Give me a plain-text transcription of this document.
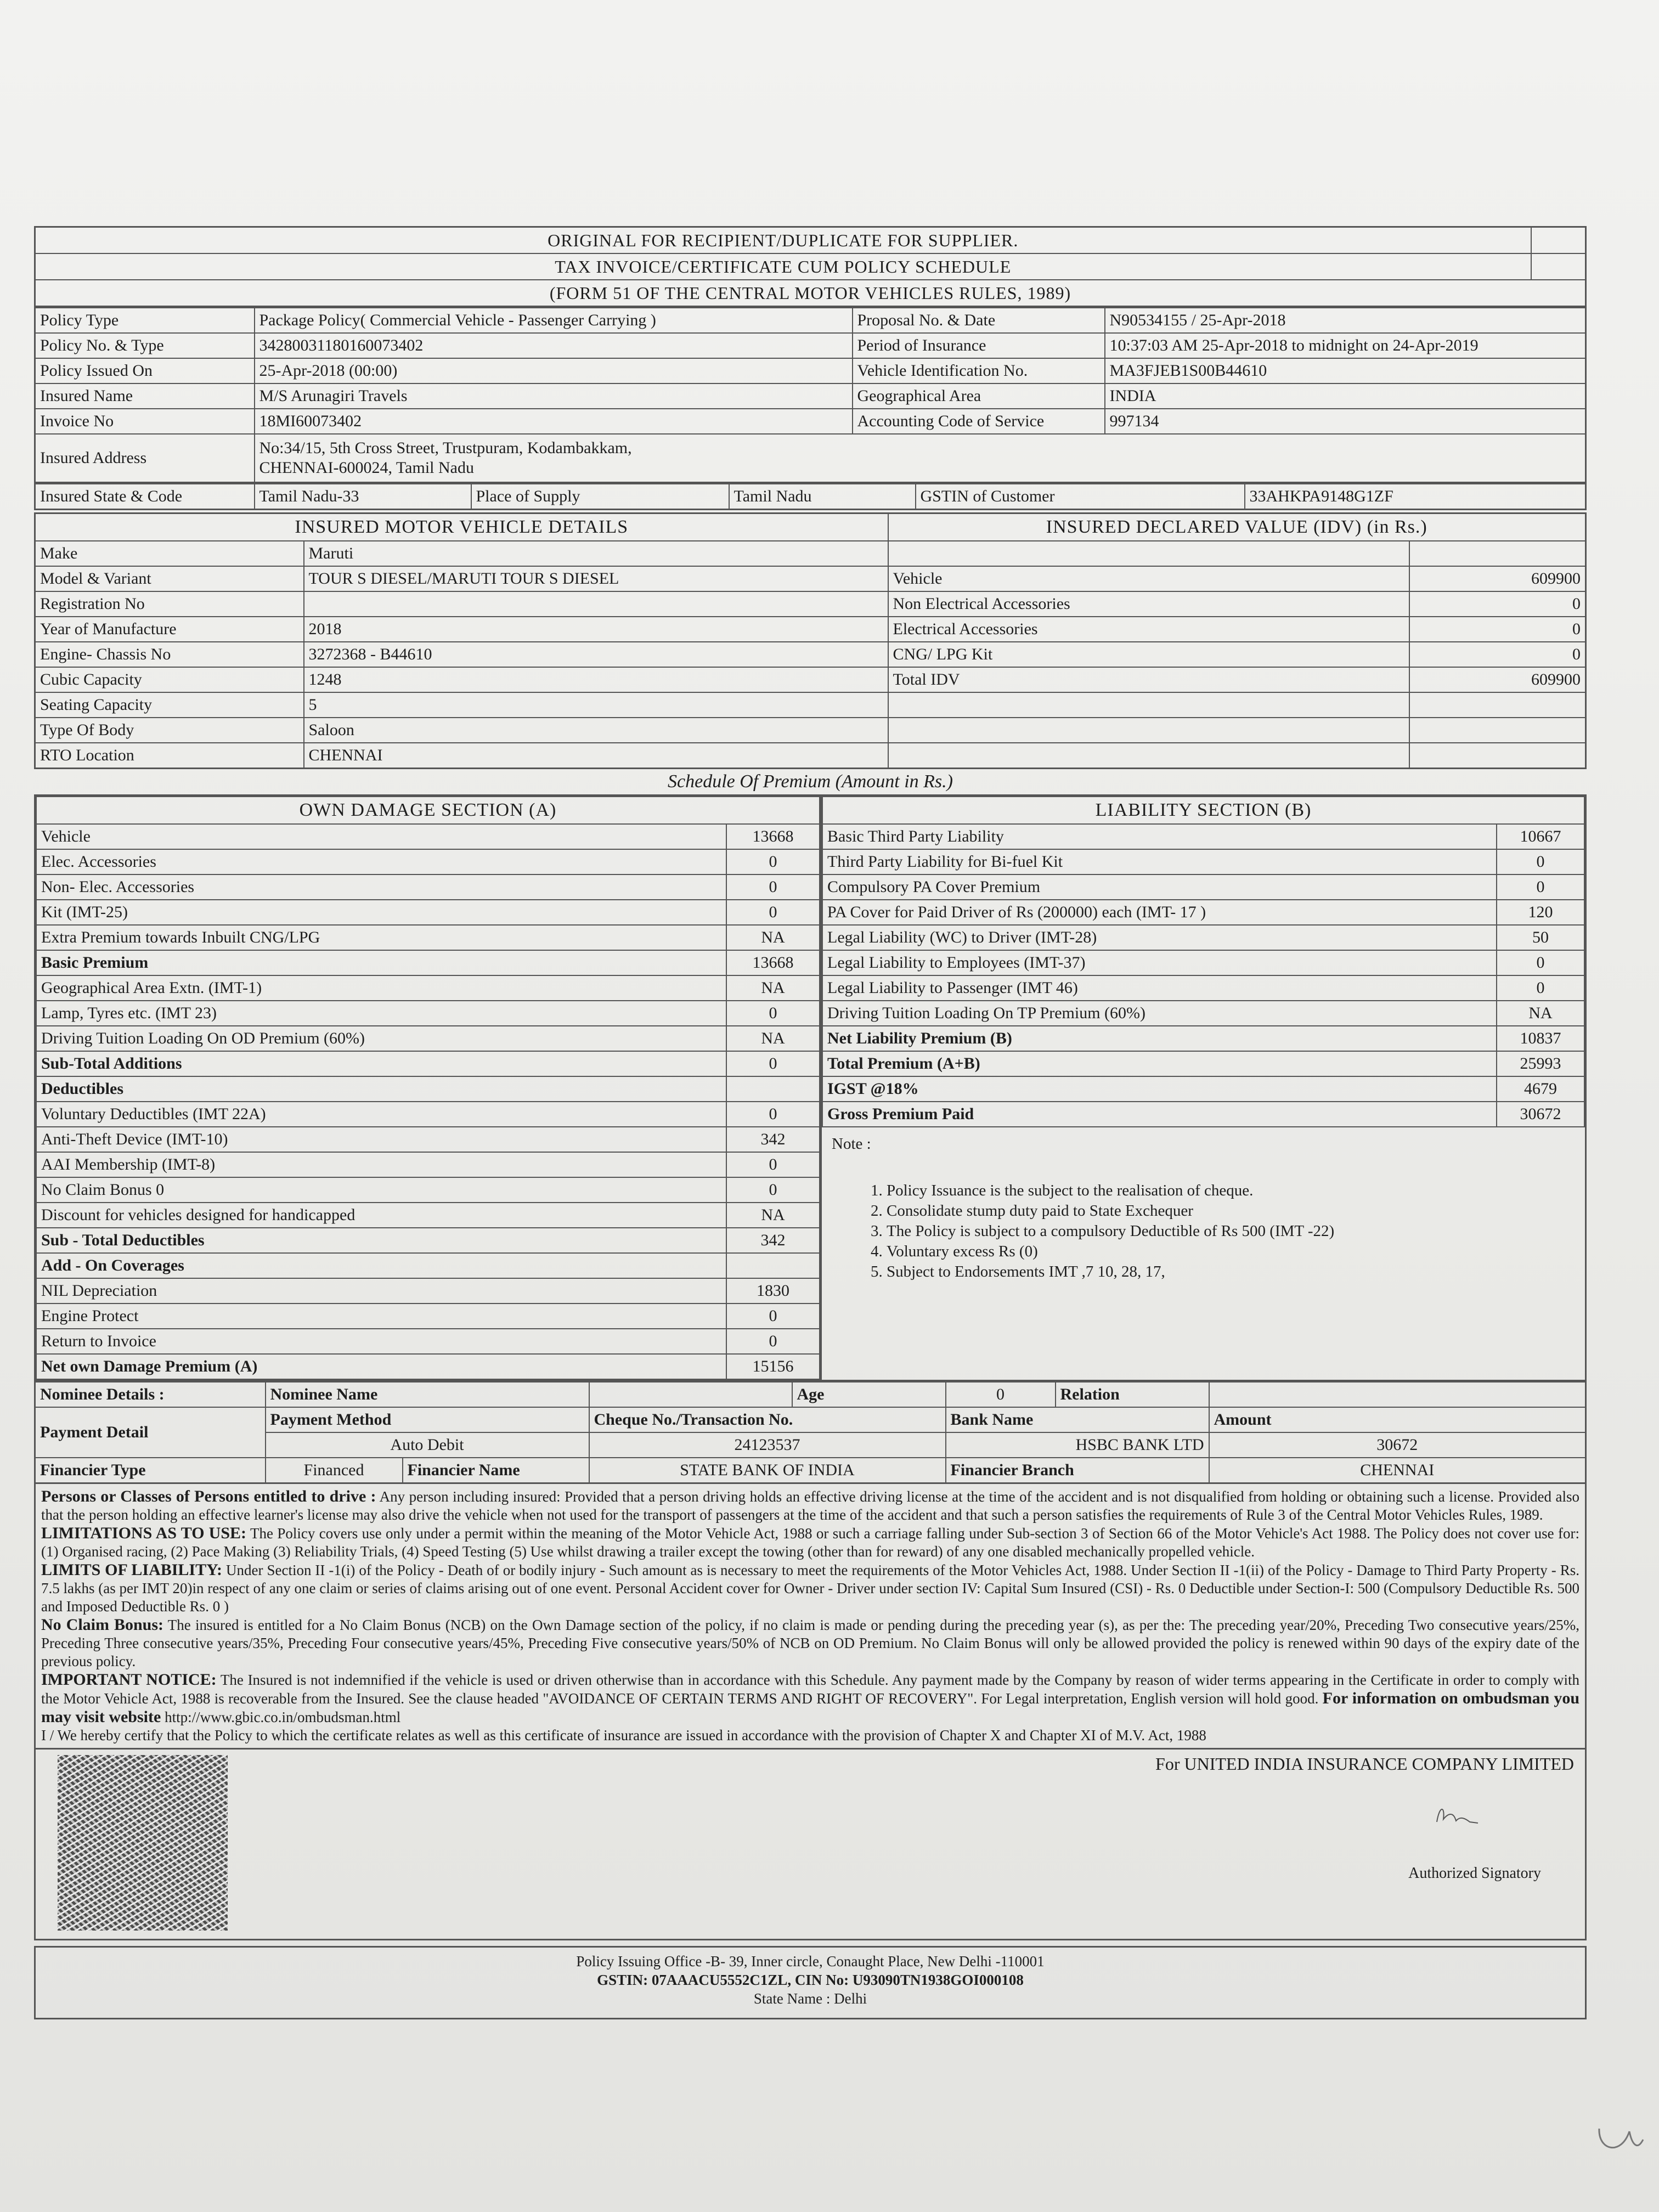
ORIGINAL FOR RECIPIENT/DUPLICATE FOR SUPPLIER.	
TAX INVOICE/CERTIFICATE CUM POLICY SCHEDULE	
(FORM 51 OF THE CENTRAL MOTOR VEHICLES RULES, 1989)	
Policy Type	Package Policy( Commercial Vehicle - Passenger Carrying )	Proposal No. & Date	N90534155 / 25-Apr-2018
Policy No. & Type	3428003118016007340​2	Period of Insurance	10:37:03 AM 25-Apr-2018 to midnight on 24-Apr-2019
Policy Issued On	25-Apr-2018 (00:00)	Vehicle Identification No.	MA3FJEB1S00B44610
Insured Name	M/S Arunagiri Travels	Geographical Area	INDIA
Invoice No	18MI60073402	Accounting Code of Service	997134
Insured Address	No:34/15, 5th Cross Street, Trustpuram, Kodambakkam,
CHENNAI-600024, Tamil Nadu		
Insured State & Code	Tamil Nadu-33	Place of Supply	Tamil Nadu	GSTIN of Customer	33AHKPA9148G1ZF
INSURED MOTOR VEHICLE DETAILS		INSURED DECLARED VALUE (IDV) (in Rs.)	
Make	Maruti		
Model & Variant	TOUR S DIESEL/MARUTI TOUR S DIESEL	Vehicle	609900
Registration No		Non Electrical Accessories	0
Year of Manufacture	2018	Electrical Accessories	0
Engine- Chassis No	3272368 - B44610	CNG/ LPG Kit	0
Cubic Capacity	1248	Total IDV	609900
Seating Capacity	5		
Type Of Body	Saloon		
RTO Location	CHENNAI		
Schedule Of Premium (Amount in Rs.)
OWN DAMAGE SECTION (A)	
Vehicle	13668
Elec. Accessories	0
Non- Elec. Accessories	0
Kit (IMT-25)	0
Extra Premium towards Inbuilt CNG/LPG	NA
Basic Premium	13668
Geographical Area Extn. (IMT-1)	NA
Lamp, Tyres etc. (IMT 23)	0
Driving Tuition Loading On OD Premium (60%)	NA
Sub-Total Additions	0
Deductibles	
Voluntary Deductibles (IMT 22A)	0
Anti-Theft Device (IMT-10)	342
AAI Membership (IMT-8)	0
No Claim Bonus 0	0
Discount for vehicles designed for handicapped	NA
Sub - Total Deductibles	342
Add - On Coverages	
NIL Depreciation	1830
Engine Protect	0
Return to Invoice	0
Net own Damage Premium (A)	15156
LIABILITY SECTION (B)	
Basic Third Party Liability	10667
Third Party Liability for Bi-fuel Kit	0
Compulsory PA Cover Premium	0
PA Cover for Paid Driver of Rs (200000) each (IMT- 17 )	120
Legal Liability (WC) to Driver (IMT-28)	50
Legal Liability to Employees (IMT-37)	0
Legal Liability to Passenger (IMT 46)	0
Driving Tuition Loading On TP Premium (60%)	NA
Net Liability Premium (B)	10837
Total Premium (A+B)	25993
IGST @18%	4679
Gross Premium Paid	30672
Note :
1. Policy Issuance is the subject to the realisation of cheque.
2. Consolidate stump duty paid to State Exchequer
3. The Policy is subject to a compulsory Deductible of Rs 500 (IMT -22)
4. Voluntary excess Rs (0)
5. Subject to Endorsements IMT ,7 10, 28, 17,
Nominee Details :	Nominee Name			Age	0	Relation	
Payment Detail	Payment Method		Cheque No./Transaction No.		Bank Name		Amount
	Auto Debit		24123537		HSBC BANK LTD		30672
Financier Type	Financed	Financier Name	STATE BANK OF INDIA		Financier Branch		CHENNAI
Persons or Classes of Persons entitled to drive : Any person including insured: Provided that a person driving holds an effective driving license at the time of the accident and is not disqualified from holding or obtaining such a license. Provided also that the person holding an effective learner's license may also drive the vehicle when not used for the transport of passengers at the time of the accident and that such a person satisfies the requirements of Rule 3 of the Central Motor Vehicles Rules, 1989.
LIMITATIONS AS TO USE: The Policy covers use only under a permit within the meaning of the Motor Vehicle Act, 1988 or such a carriage falling under Sub-section 3 of Section 66 of the Motor Vehicle's Act 1988. The Policy does not cover use for: (1) Organised racing, (2) Pace Making (3) Reliability Trials, (4) Speed Testing (5) Use whilst drawing a trailer except the towing (other than for reward) of any one disabled mechanically propelled vehicle.
LIMITS OF LIABILITY: Under Section II -1(i) of the Policy - Death of or bodily injury - Such amount as is necessary to meet the requirements of the Motor Vehicles Act, 1988. Under Section II -1(ii) of the Policy - Damage to Third Party Property - Rs. 7.5 lakhs (as per IMT 20)in respect of any one claim or series of claims arising out of one event. Personal Accident cover for Owner - Driver under section IV: Capital Sum Insured (CSI) - Rs. 0 Deductible under Section-I: 500 (Compulsory Deductible Rs. 500 and Imposed Deductible Rs. 0 )
No Claim Bonus: The insured is entitled for a No Claim Bonus (NCB) on the Own Damage section of the policy, if no claim is made or pending during the preceding year (s), as per the: The preceding year/20%, Preceding Two consecutive years/25%, Preceding Three consecutive years/35%, Preceding Four consecutive years/45%, Preceding Five consecutive years/50% of NCB on OD Premium. No Claim Bonus will only be allowed provided the policy is renewed within 90 days of the expiry date of the previous policy.
IMPORTANT NOTICE: The Insured is not indemnified if the vehicle is used or driven otherwise than in accordance with this Schedule. Any payment made by the Company by reason of wider terms appearing in the Certificate in order to comply with the Motor Vehicle Act, 1988 is recoverable from the Insured. See the clause headed "AVOIDANCE OF CERTAIN TERMS AND RIGHT OF RECOVERY". For Legal interpretation, English version will hold good. For information on ombudsman you may visit website http://www.gbic.co.in/ombudsman.html
I / We hereby certify that the Policy to which the certificate relates as well as this certificate of insurance are issued in accordance with the provision of Chapter X and Chapter XI of M.V. Act, 1988
For UNITED INDIA INSURANCE COMPANY LIMITED
Authorized Signatory
Policy Issuing Office -B- 39, Inner circle, Conaught Place, New Delhi -110001
GSTIN: 07AAACU5552C1ZL, CIN No: U93090TN1938GOI000108
State Name : Delhi
